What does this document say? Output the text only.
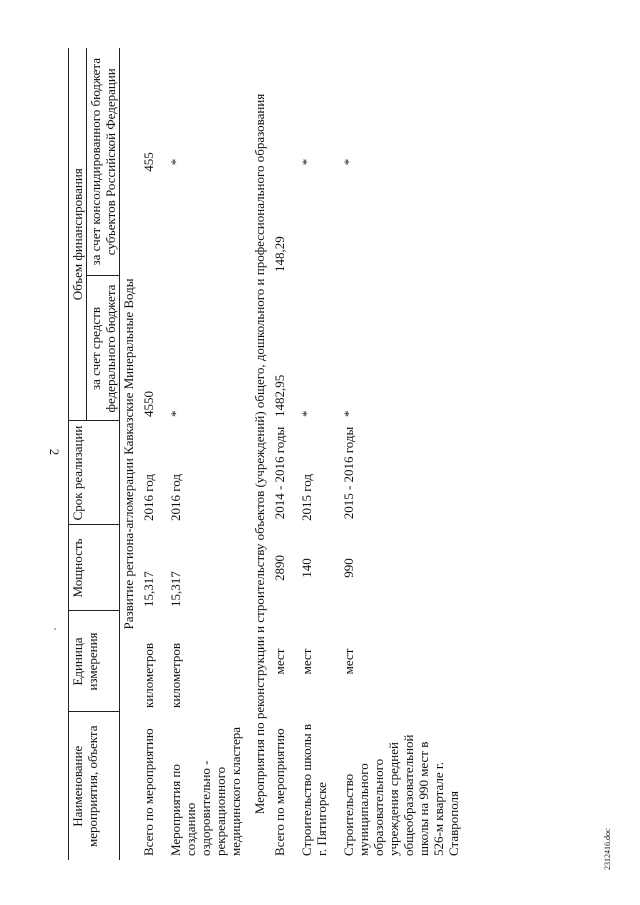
2
2312416.doc
Наименование мероприятия, объекта	Единица измерения	Мощность	Срок реализации	Объем финансирования	
				за счет средств федерального бюджета	за счет консолидированного бюджета субъектов Российской Федерации
Развитие региона-агломерации Кавказские Минеральные Воды					
Всего по мероприятию	километров	15,317	2016 год	4550	455
Мероприятия по созданию оздоровительно - рекреационного медицинского кластера	километров	15,317	2016 год	*	*
Мероприятия по реконструкции и строительству объектов (учреждений) общего, дошкольного и профессионального образования					
Всего по мероприятию	мест	2890	2014 - 2016 годы	1482,95	148,29
Строительство школы в г. Пятигорске	мест	140	2015 год	*	*
Строительство муниципального образовательного учреждения средней общеобразовательной школы на 990 мест в 526-м квартале г. Ставрополя	мест	990	2015 - 2016 годы	*	*
